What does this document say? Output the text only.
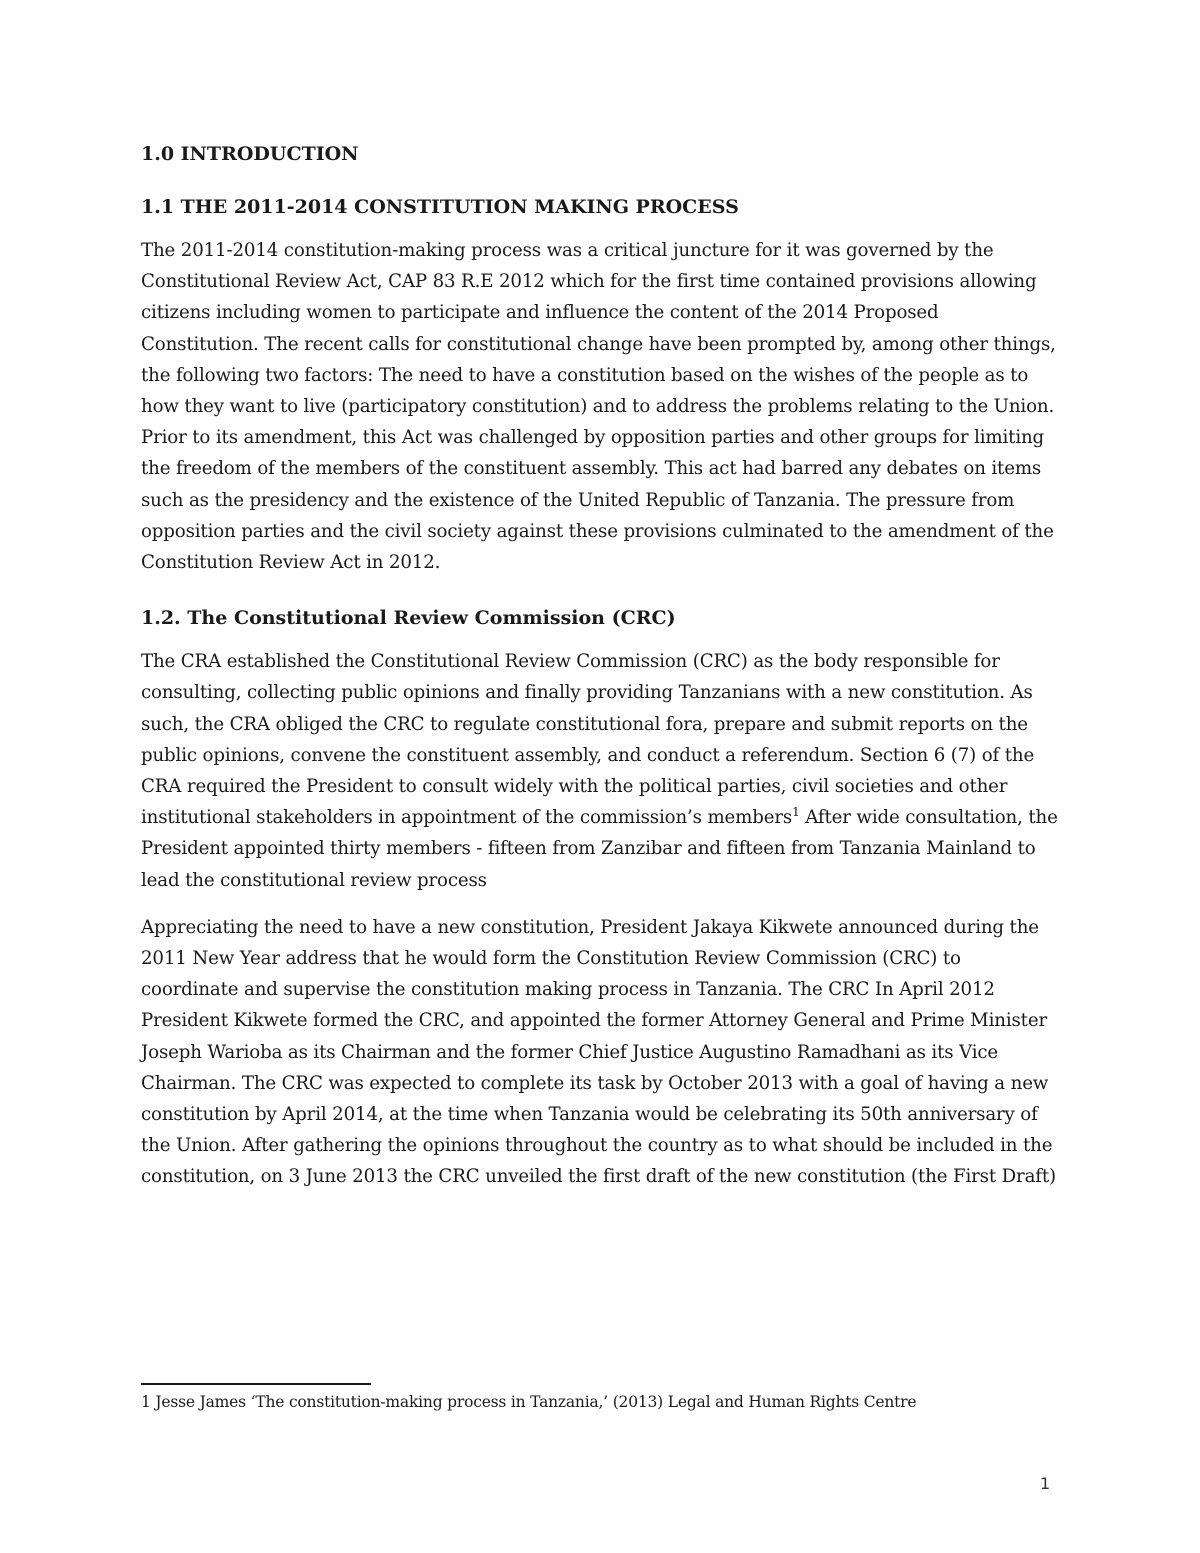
1.0 INTRODUCTION
1.1 THE 2011-2014 CONSTITUTION MAKING PROCESS

The 2011-2014 constitution-making process was a critical juncture for it was governed by the Constitutional Review Act, CAP 83 R.E 2012 which for the first time contained provisions allowing citizens including women to participate and influence the content of the 2014 Proposed Constitution. The recent calls for constitutional change have been prompted by, among other things, the following two factors: The need to have a constitution based on the wishes of the people as to how they want to live (participatory constitution) and to address the problems relating to the Union. Prior to its amendment, this Act was challenged by opposition parties and other groups for limiting the freedom of the members of the constituent assembly. This act had barred any debates on items such as the presidency and the existence of the United Republic of Tanzania. The pressure from opposition parties and the civil society against these provisions culminated to the amendment of the Constitution Review Act in 2012.

1.2. The Constitutional Review Commission (CRC)

The CRA established the Constitutional Review Commission (CRC) as the body responsible for consulting, collecting public opinions and finally providing Tanzanians with a new constitution. As such, the CRA obliged the CRC to regulate constitutional fora, prepare and submit reports on the public opinions, convene the constituent assembly, and conduct a referendum. Section 6 (7) of the CRA required the President to consult widely with the political parties, civil societies and other institutional stakeholders in appointment of the commission’s members$^1$ After wide consultation, the President appointed thirty members - fifteen from Zanzibar and fifteen from Tanzania Mainland to lead the constitutional review process

Appreciating the need to have a new constitution, President Jakaya Kikwete announced during the 2011 New Year address that he would form the Constitution Review Commission (CRC) to coordinate and supervise the constitution making process in Tanzania. The CRC In April 2012 President Kikwete formed the CRC, and appointed the former Attorney General and Prime Minister Joseph Warioba as its Chairman and the former Chief Justice Augustino Ramadhani as its Vice Chairman. The CRC was expected to complete its task by October 2013 with a goal of having a new constitution by April 2014, at the time when Tanzania would be celebrating its 50th anniversary of the Union. After gathering the opinions throughout the country as to what should be included in the constitution, on 3 June 2013 the CRC unveiled the first draft of the new constitution (the First Draft)

1 Jesse James ‘The constitution-making process in Tanzania,’ (2013) Legal and Human Rights Centre

1
